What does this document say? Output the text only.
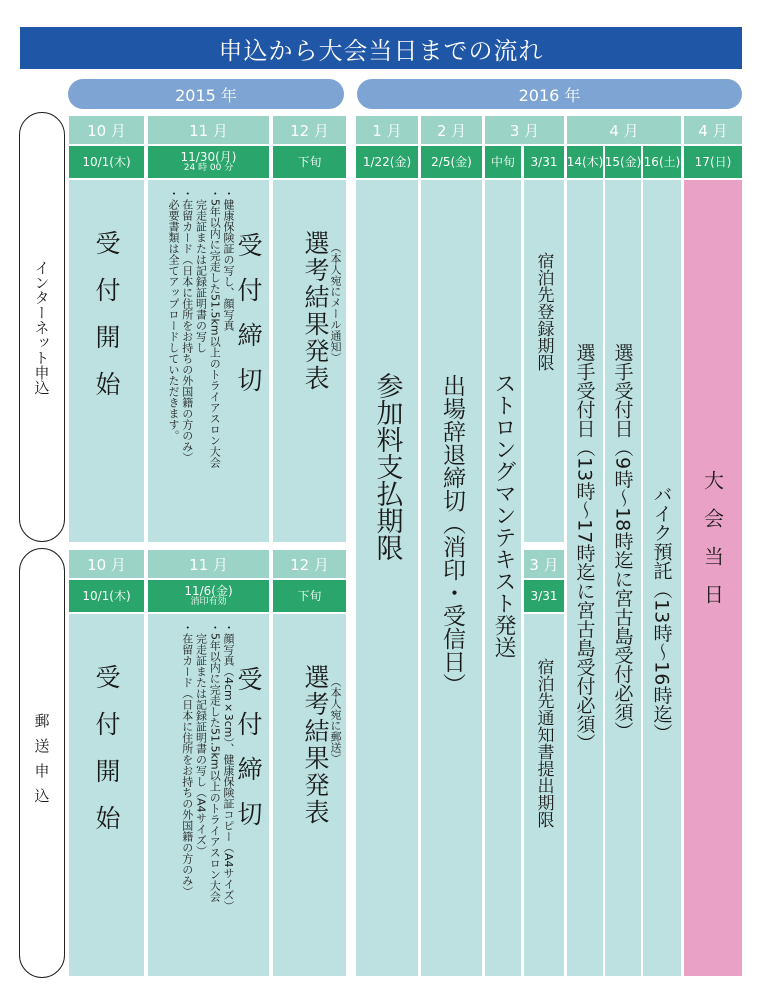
申込から大会当日までの流れ
2015 年	2016 年
インターネット申込
郵送申込
10 月
10/1(木)
受付開始
11 月
11/30(月)
24 時 00 分
受付締切
・健康保険証の写し、顔写真
・5年以内に完走した51.5km以上のトライアスロン大会
　完走証または記録証明書の写し
・在留カード（日本に住所をお持ちの外国籍の方のみ）
・必要書類は全てアップロードしていただきます。
12 月
下旬
選考結果発表 （本人宛にメール通知）
10 月
10/1(木)
受付開始
11 月
11/6(金)
消印有効
受付締切
・顔写真（4cm×3cm）、健康保険証コピー（A4サイズ）
・5年以内に完走した51.5km以上のトライアスロン大会
　完走証または記録証明書の写し（A4サイズ）
・在留カード（日本に住所をお持ちの外国籍の方のみ）
12 月
下旬
選考結果発表 （本人宛に郵送）
1 月
1/22(金)
参加料支払期限
2 月
2/5(金)
出場辞退締切（消印・受信日）
3 月
中旬
ストロングマンテキスト発送
3/31
宿泊先登録期限
3 月
3/31
宿泊先通知書提出期限
4 月
14(木) 15(金) 16(土)
選手受付日（13時〜17時迄に宮古島受付必須） 選手受付日（9時〜18時迄に宮古島受付必須） バイク預託（13時〜16時迄）
4 月
17(日)
大会当日
